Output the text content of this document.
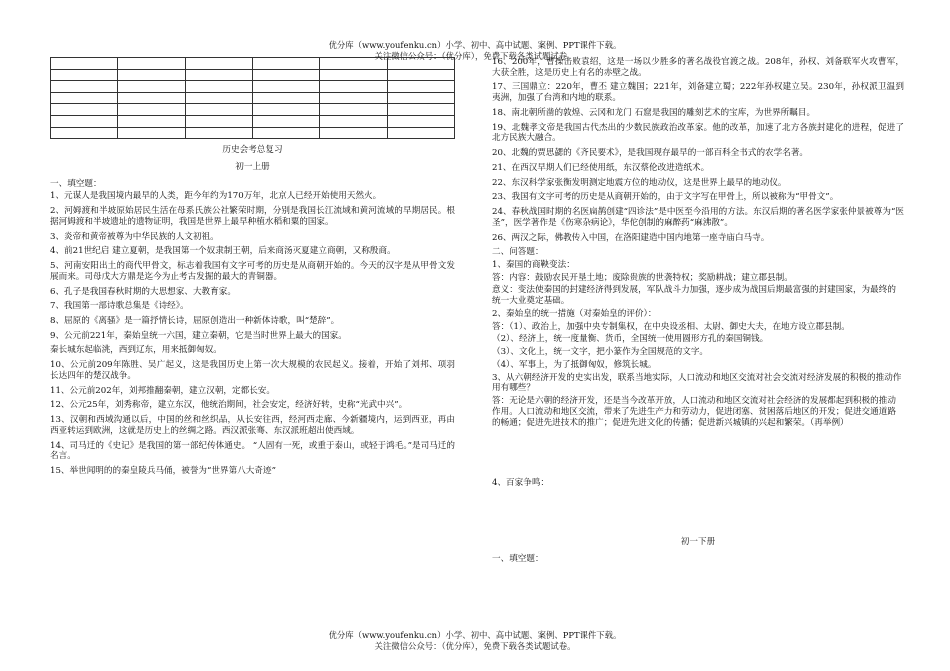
优分库（www.youfenku.cn）小学、初中、高中试题、案例、PPT课件下载。
关注微信公众号：（优分库），免费下载各类试题试卷。

历史会考总复习
初一上册
一、填空题：

1、元谋人是我国境内最早的人类，距今年约为170万年，北京人已经开始使用天然火。

2、河姆渡和半坡原始居民生活在母系氏族公社繁荣时期，分别是我国长江流域和黄河流域的早期居民。根据河姆渡和半坡遗址的遗物证明，我国是世界上最早种植水稻和粟的国家。

3、炎帝和黄帝被尊为中华民族的人文初祖。

4、前21世纪启 建立夏朝，是我国第一个奴隶制王朝，后来商汤灭夏建立商朝，又称殷商。

5、河南安阳出土的商代甲骨文，标志着我国有文字可考的历史是从商朝开始的。今天的汉字是从甲骨文发展而来。司母戊大方鼎是迄今为止考古发掘的最大的青铜器。

6、孔子是我国春秋时期的大思想家、大教育家。

7、我国第一部诗歌总集是《诗经》。

8、屈原的《离骚》是一篇抒情长诗，屈原创造出一种新体诗歌，叫“楚辞”。

9、公元前221年，秦始皇统一六国，建立秦朝，它是当时世界上最大的国家。

秦长城东起临洮，西到辽东，用来抵御匈奴。

10、公元前209年陈胜、吴广起义，这是我国历史上第一次大规模的农民起义。接着，开始了刘邦、项羽长达四年的楚汉战争。

11、公元前202年，刘邦推翻秦朝，建立汉朝，定都长安。

12、公元25年，刘秀称帝，建立东汉，他统治期间，社会安定，经济好转，史称“光武中兴”。

13、汉朝和西域沟通以后，中国的丝和丝织品，从长安往西，经河西走廊、今新疆境内，运到西亚，再由西亚转运到欧洲，这就是历史上的丝绸之路。西汉派张骞、东汉派班超出使西域。

14、司马迁的《史记》是我国的第一部纪传体通史。 “人固有一死，或重于泰山，或轻于鸿毛。”是司马迁的名言。

15、举世闻明的的秦皇陵兵马俑，被誉为“世界第八大奇迹”

16、200年，曹操击败袁绍，这是一场以少胜多的著名战役官渡之战。208年，孙权、刘备联军火攻曹军，大获全胜，这是历史上有名的赤壁之战。

17、三国鼎立：220年，曹丕 建立魏国；221年，刘备建立蜀；222年孙权建立吴。230年，孙权派卫温到夷洲，加强了台湾和内地的联系。

18、南北朝所凿的敦煌、云冈和龙门 石窟是我国的雕刻艺术的宝库，为世界所瞩目。

19、北魏孝文帝是我国古代杰出的少数民族政治改革家。他的改革，加速了北方各族封建化的进程，促进了北方民族大融合。

20、北魏的贾思勰的《齐民要术》，是我国现存最早的一部百科全书式的农学名著。

21、在西汉早期人们已经使用纸，东汉蔡伦改进造纸术。

22、东汉科学家张衡发明测定地震方位的地动仪，这是世界上最早的地动仪。

23、我国有文字可考的历史是从商朝开始的，由于文字写在甲骨上，所以被称为“甲骨文”。

24、春秋战国时期的名医扁鹊创建“四诊法”是中医至今沿用的方法。东汉后期的著名医学家张仲景被尊为“医圣”，医学著作是《伤寒杂病论》，华佗创制的麻醉药“麻沸散”。

26、两汉之际，佛教传入中国，在洛阳建造中国内地第一座寺庙白马寺。

二、问答题：

1、秦国的商鞅变法：

答：内容：鼓励农民开垦土地；废除贵族的世袭特权；奖励耕战；建立郡县制。

意义：变法使秦国的封建经济得到发展，军队战斗力加强，逐步成为战国后期最富强的封建国家，为最终的统一大业奠定基础。

2、秦始皇的统一措施（对秦始皇的评价）：

答：（1）、政治上，加强中央专制集权，在中央设丞相、太尉、御史大夫，在地方设立郡县制。

（2）、经济上，统一度量衡、货币，全国统一使用圆形方孔的秦国铜钱。

（3）、文化上，统一文字，把小篆作为全国规范的文字。

（4）、军事上，为了抵御匈奴，修筑长城。

3、从六朝经济开发的史实出发，联系当地实际，人口流动和地区交流对社会交流对经济发展的积极的推动作用有哪些？

答：无论是六朝的经济开发，还是当今改革开放，人口流动和地区交流对社会经济的发展都起到积极的推动作用。人口流动和地区交流，带来了先进生产力和劳动力，促进闭塞、贫困落后地区的开发；促进交通道路的畅通；促进先进技术的推广；促进先进文化的传播；促进新兴城镇的兴起和繁荣。（再举例）

4、百家争鸣：

初一下册
一、填空题：
优分库（www.youfenku.cn）小学、初中、高中试题、案例、PPT课件下载。
关注微信公众号：（优分库），免费下载各类试题试卷。
